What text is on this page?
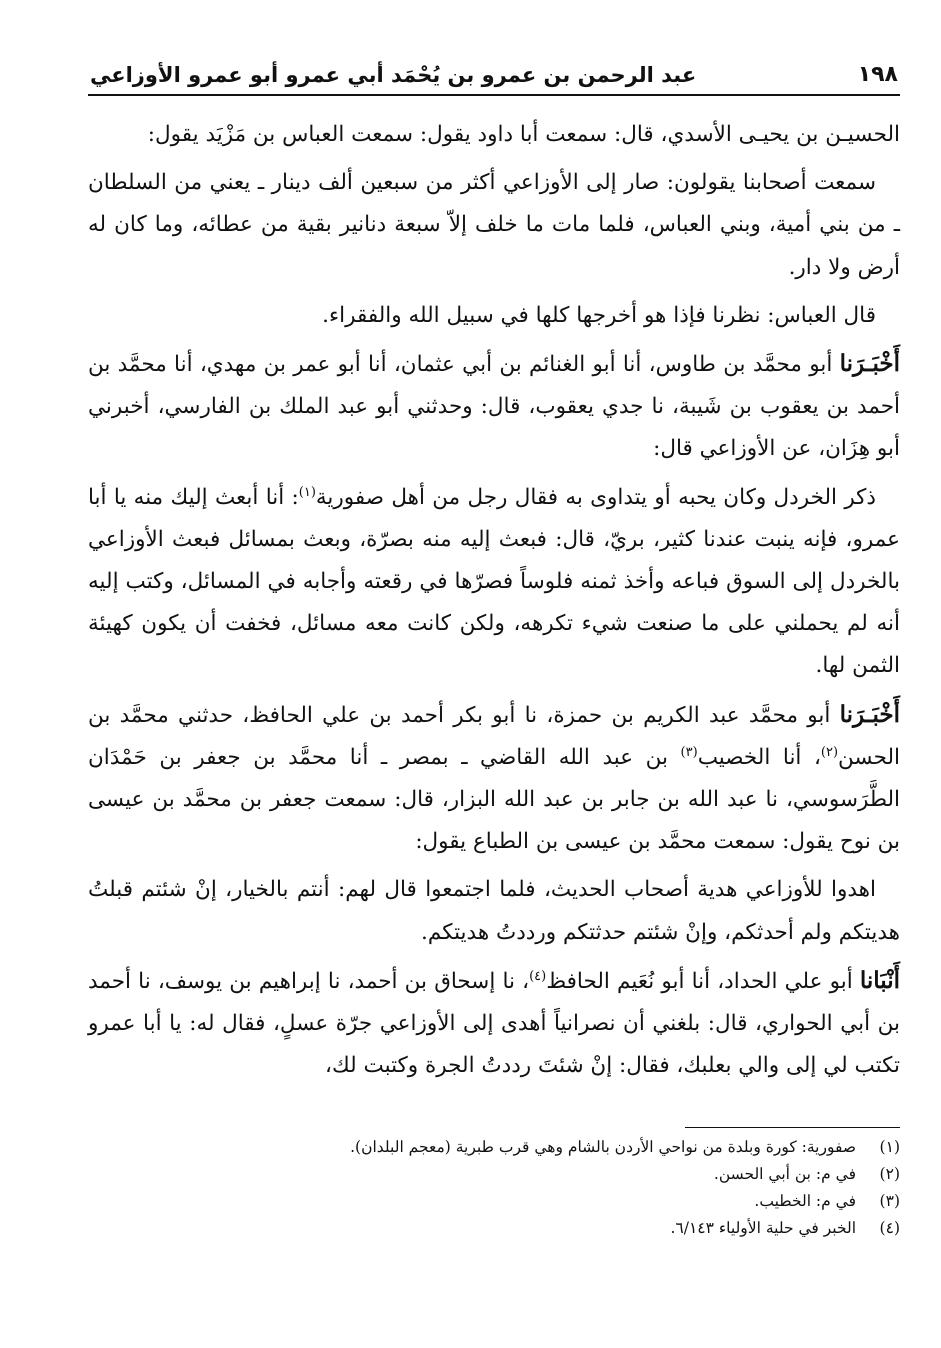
١٩٨
عبد الرحمن بن عمرو بن يُحْمَد أبي عمرو أبو عمرو الأوزاعي

الحسيـن بن يحيـى الأسدي، قال: سمعت أبا داود يقول: سمعت العباس بن مَزْيَد يقول:

سمعت أصحابنا يقولون: صار إلى الأوزاعي أكثر من سبعين ألف دينار ـ يعني من السلطان ـ من بني أمية، وبني العباس، فلما مات ما خلف إلاّ سبعة دنانير بقية من عطائه، وما كان له أرض ولا دار.

قال العباس: نظرنا فإذا هو أخرجها كلها في سبيل الله والفقراء.

أَخْبَـرَنا أبو محمَّد بن طاوس، أنا أبو الغنائم بن أبي عثمان، أنا أبو عمر بن مهدي، أنا محمَّد بن أحمد بن يعقوب بن شَيبة، نا جدي يعقوب، قال: وحدثني أبو عبد الملك بن الفارسي، أخبرني أبو هِزَان، عن الأوزاعي قال:

ذكر الخردل وكان يحبه أو يتداوى به فقال رجل من أهل صفورية$^{(١)}$: أنا أبعث إليك منه يا أبا عمرو، فإنه ينبت عندنا كثير، بريّ، قال: فبعث إليه منه بصرّة، وبعث بمسائل فبعث الأوزاعي بالخردل إلى السوق فباعه وأخذ ثمنه فلوساً فصرّها في رقعته وأجابه في المسائل، وكتب إليه أنه لم يحملني على ما صنعت شيء تكرهه، ولكن كانت معه مسائل، فخفت أن يكون كهيئة الثمن لها.

أَخْبَـرَنا أبو محمَّد عبد الكريم بن حمزة، نا أبو بكر أحمد بن علي الحافظ، حدثني محمَّد بن الحسن$^{(٢)}$، أنا الخصيب$^{(٣)}$ بن عبد الله القاضي ـ بمصر ـ أنا محمَّد بن جعفر بن حَمْدَان الطَّرَسوسي، نا عبد الله بن جابر بن عبد الله البزار، قال: سمعت جعفر بن محمَّد بن عيسى بن نوح يقول: سمعت محمَّد بن عيسى بن الطباع يقول:

اهدوا للأوزاعي هدية أصحاب الحديث، فلما اجتمعوا قال لهم: أنتم بالخيار، إنْ شئتم قبلتُ هديتكم ولم أحدثكم، وإنْ شئتم حدثتكم ورددتُ هديتكم.

أَنْبَانا أبو علي الحداد، أنا أبو نُعَيم الحافظ$^{(٤)}$، نا إسحاق بن أحمد، نا إبراهيم بن يوسف، نا أحمد بن أبي الحواري، قال: بلغني أن نصرانياً أهدى إلى الأوزاعي جرّة عسلٍ، فقال له: يا أبا عمرو تكتب لي إلى والي بعلبك، فقال: إنْ شئتَ رددتُ الجرة وكتبت لك،

(١)
صفورية: كورة وبلدة من نواحي الأردن بالشام وهي قرب طبرية (معجم البلدان).
(٢)
في م: بن أبي الحسن.
(٣)
في م: الخطيب.
(٤)
الخبر في حلية الأولياء ٦/١٤٣.
